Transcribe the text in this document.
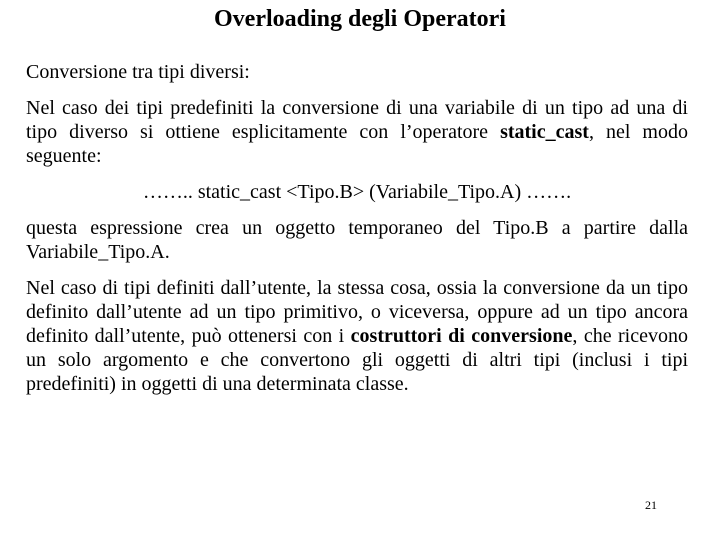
Overloading degli Operatori

Conversione tra tipi diversi:

Nel caso dei tipi predefiniti la conversione di una variabile di un tipo ad una di tipo diverso si ottiene esplicitamente con l’operatore static_cast, nel modo seguente:

…….. static_cast <Tipo.B> (Variabile_Tipo.A) …….

questa espressione crea un oggetto temporaneo del Tipo.B a partire dalla Variabile_Tipo.A.

Nel caso di tipi definiti dall’utente, la stessa cosa, ossia la conversione da un tipo definito dall’utente ad un tipo primitivo, o viceversa, oppure ad un tipo ancora definito dall’utente, può ottenersi con i costruttori di conversione, che ricevono un solo argomento e che convertono gli oggetti di altri tipi (inclusi i tipi predefiniti) in oggetti di una determinata classe.

21
